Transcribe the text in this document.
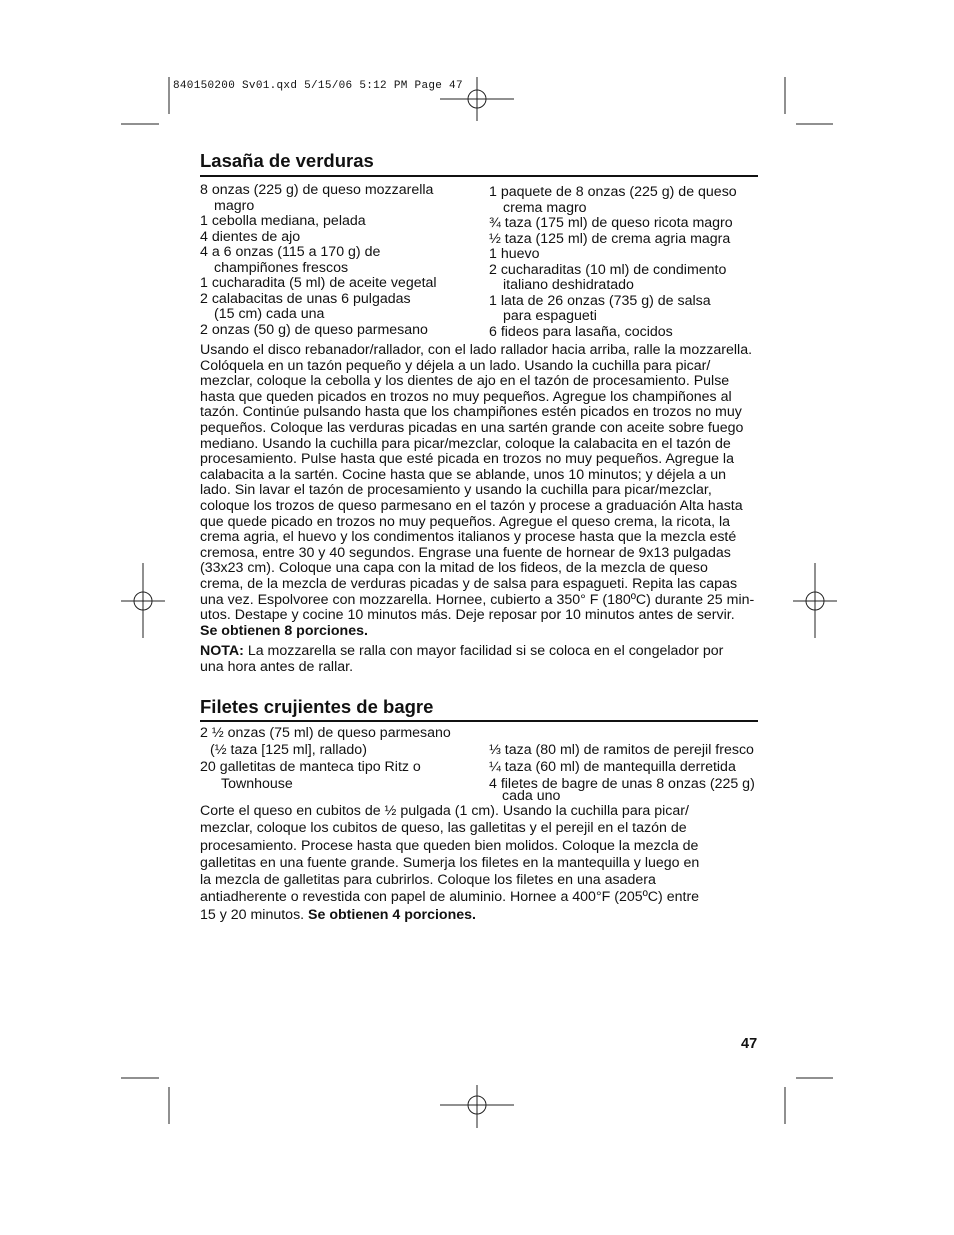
840150200 Sv01.qxd 5/15/06 5:12 PM Page 47
Lasaña de verduras

8 onzas (225 g) de queso mozzarella

magro

1 cebolla mediana, pelada

4 dientes de ajo

4 a 6 onzas (115 a 170 g) de

champiñones frescos

1 cucharadita (5 ml) de aceite vegetal

2 calabacitas de unas 6 pulgadas

(15 cm) cada una

2 onzas (50 g) de queso parmesano

1 paquete de 8 onzas (225 g) de queso

crema magro

¾ taza (175 ml) de queso ricota magro

½ taza (125 ml) de crema agria magra

1 huevo

2 cucharaditas (10 ml) de condimento

italiano deshidratado

1 lata de 26 onzas (735 g) de salsa

para espagueti

6 fideos para lasaña, cocidos

Usando el disco rebanador/rallador, con el lado rallador hacia arriba, ralle la mozzarella.

Colóquela en un tazón pequeño y déjela a un lado. Usando la cuchilla para picar/

mezclar, coloque la cebolla y los dientes de ajo en el tazón de procesamiento. Pulse

hasta que queden picados en trozos no muy pequeños. Agregue los champiñones al

tazón. Continúe pulsando hasta que los champiñones estén picados en trozos no muy

pequeños. Coloque las verduras picadas en una sartén grande con aceite sobre fuego

mediano. Usando la cuchilla para picar/mezclar, coloque la calabacita en el tazón de

procesamiento. Pulse hasta que esté picada en trozos no muy pequeños. Agregue la

calabacita a la sartén. Cocine hasta que se ablande, unos 10 minutos; y déjela a un

lado. Sin lavar el tazón de procesamiento y usando la cuchilla para picar/mezclar,

coloque los trozos de queso parmesano en el tazón y procese a graduación Alta hasta

que quede picado en trozos no muy pequeños. Agregue el queso crema, la ricota, la

crema agria, el huevo y los condimentos italianos y procese hasta que la mezcla esté

cremosa, entre 30 y 40 segundos. Engrase una fuente de hornear de 9x13 pulgadas

(33x23 cm). Coloque una capa con la mitad de los fideos, de la mezcla de queso

crema, de la mezcla de verduras picadas y de salsa para espagueti. Repita las capas

una vez. Espolvoree con mozzarella. Hornee, cubierto a 350° F (180ºC) durante 25 min-

utos. Destape y cocine 10 minutos más. Deje reposar por 10 minutos antes de servir.

Se obtienen 8 porciones.

NOTA: La mozzarella se ralla con mayor facilidad si se coloca en el congelador por

una hora antes de rallar.

Filetes crujientes de bagre

2 ½ onzas (75 ml) de queso parmesano

(½ taza [125 ml], rallado)

20 galletitas de manteca tipo Ritz o

Townhouse

⅓ taza (80 ml) de ramitos de perejil fresco

¼ taza (60 ml) de mantequilla derretida

4 filetes de bagre de unas 8 onzas (225 g)

cada uno

Corte el queso en cubitos de ½ pulgada (1 cm). Usando la cuchilla para picar/

mezclar, coloque los cubitos de queso, las galletitas y el perejil en el tazón de

procesamiento. Procese hasta que queden bien molidos. Coloque la mezcla de

galletitas en una fuente grande. Sumerja los filetes en la mantequilla y luego en

la mezcla de galletitas para cubrirlos. Coloque los filetes en una asadera

antiadherente o revestida con papel de aluminio. Hornee a 400°F (205ºC) entre

15 y 20 minutos. Se obtienen 4 porciones.

47
